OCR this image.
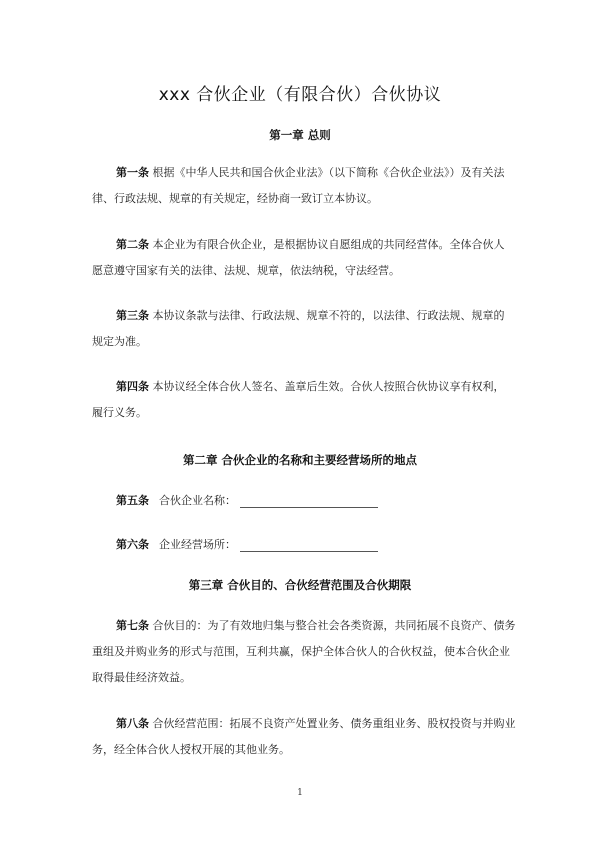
xxx 合伙企业（有限合伙）合伙协议
第一章 总则
第一条 根据《中华人民共和国合伙企业法》（以下简称《合伙企业法》）及有关法律、行政法规、规章的有关规定，经协商一致订立本协议。
第二条 本企业为有限合伙企业，是根据协议自愿组成的共同经营体。全体合伙人愿意遵守国家有关的法律、法规、规章，依法纳税，守法经营。
第三条 本协议条款与法律、行政法规、规章不符的，以法律、行政法规、规章的规定为准。
第四条 本协议经全体合伙人签名、盖章后生效。合伙人按照合伙协议享有权利，履行义务。
第二章 合伙企业的名称和主要经营场所的地点
第五条 合伙企业名称：
第六条 企业经营场所：
第三章 合伙目的、合伙经营范围及合伙期限
第七条 合伙目的：为了有效地归集与整合社会各类资源，共同拓展不良资产、债务重组及并购业务的形式与范围，互利共赢，保护全体合伙人的合伙权益，使本合伙企业取得最佳经济效益。
第八条 合伙经营范围：拓展不良资产处置业务、债务重组业务、股权投资与并购业务，经全体合伙人授权开展的其他业务。
1
